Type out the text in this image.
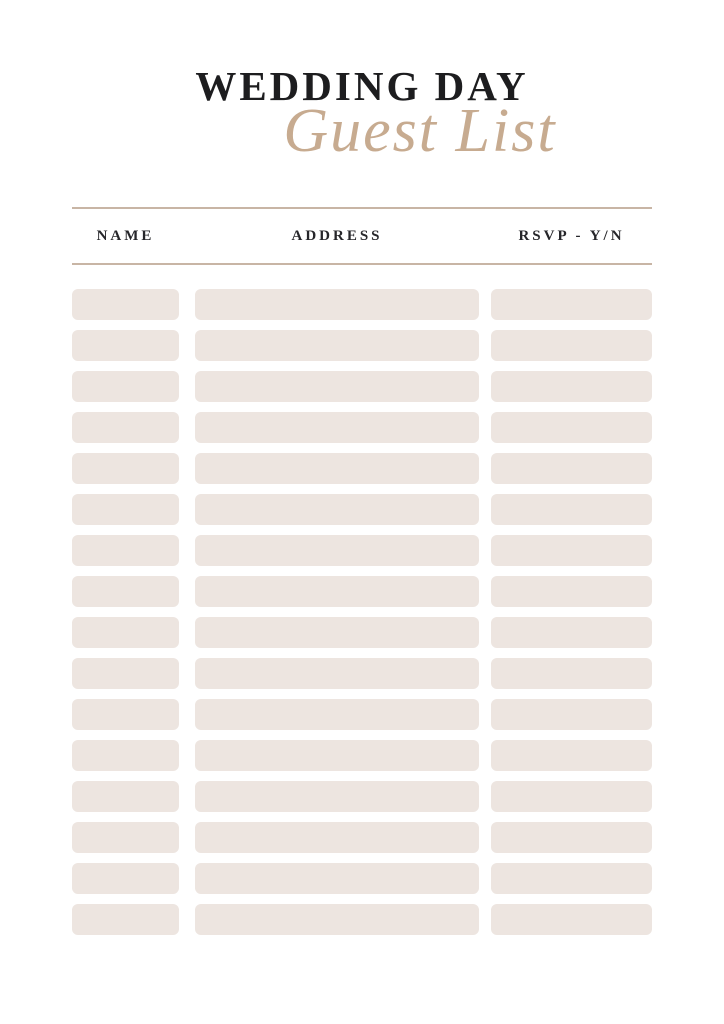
WEDDING DAY
Guest List
NAME	ADDRESS	RSVP - Y/N
